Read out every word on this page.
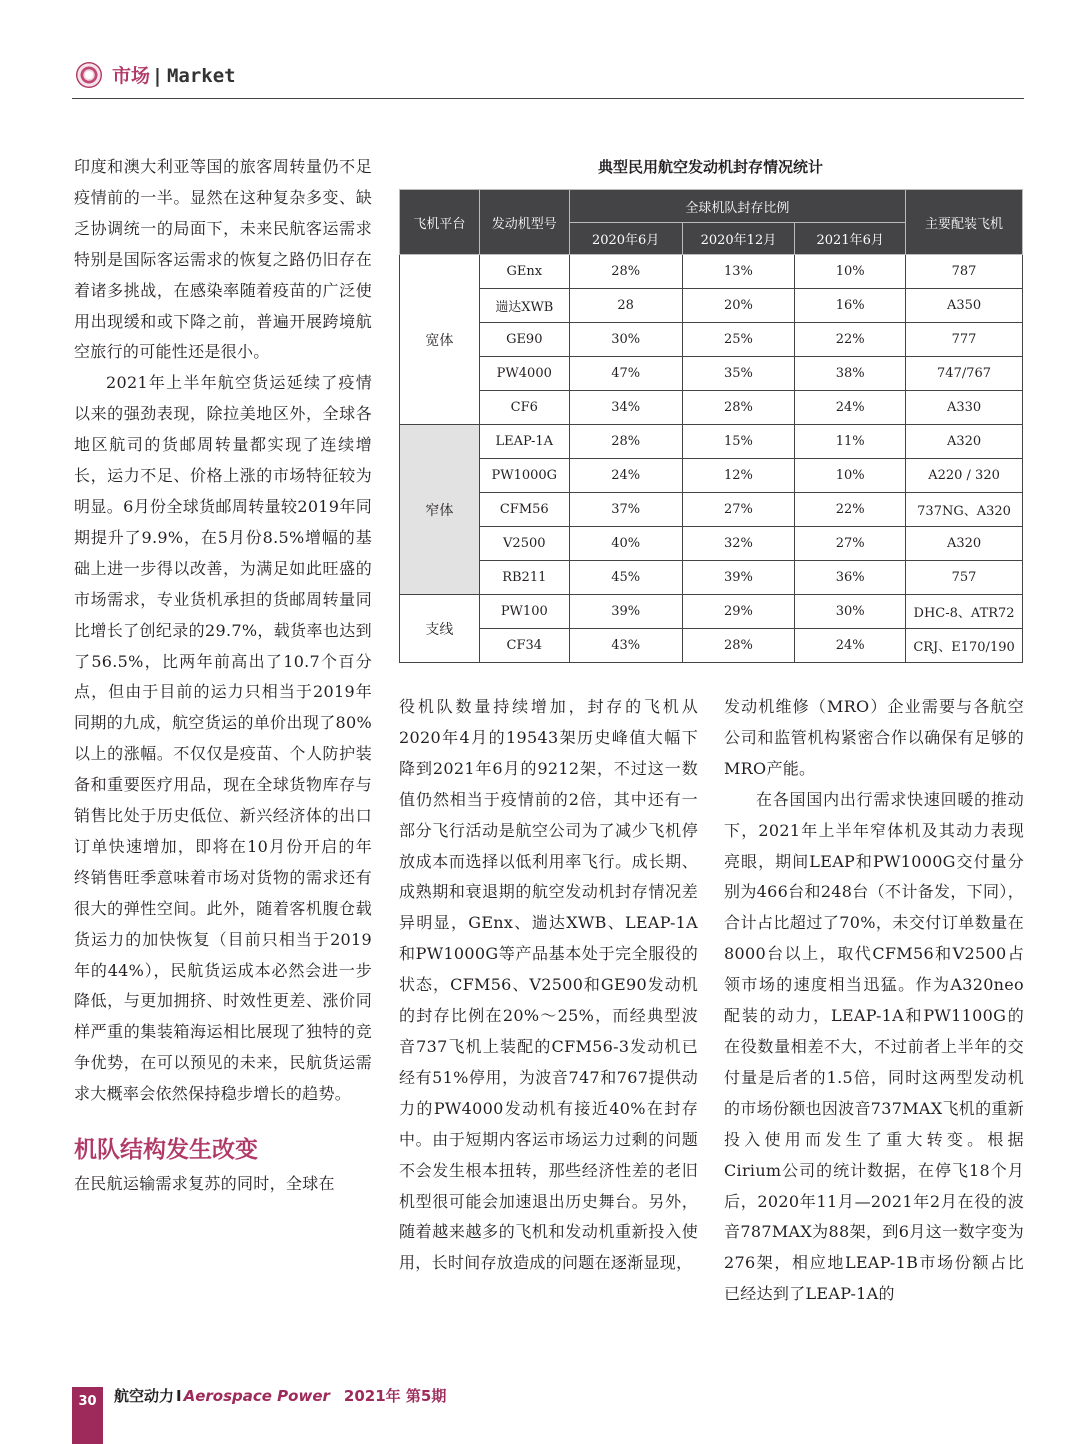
市场 | Market

印度和澳大利亚等国的旅客周转量仍不足疫情前的一半。显然在这种复杂多变、缺乏协调统一的局面下，未来民航客运需求特别是国际客运需求的恢复之路仍旧存在着诸多挑战，在感染率随着疫苗的广泛使用出现缓和或下降之前，普遍开展跨境航空旅行的可能性还是很小。

2021年上半年航空货运延续了疫情以来的强劲表现，除拉美地区外，全球各地区航司的货邮周转量都实现了连续增长，运力不足、价格上涨的市场特征较为明显。6月份全球货邮周转量较2019年同期提升了9.9%，在5月份8.5%增幅的基础上进一步得以改善，为满足如此旺盛的市场需求，专业货机承担的货邮周转量同比增长了创纪录的29.7%，载货率也达到了56.5%，比两年前高出了10.7个百分点，但由于目前的运力只相当于2019年同期的九成，航空货运的单价出现了80%以上的涨幅。不仅仅是疫苗、个人防护装备和重要医疗用品，现在全球货物库存与销售比处于历史低位、新兴经济体的出口订单快速增加，即将在10月份开启的年终销售旺季意味着市场对货物的需求还有很大的弹性空间。此外，随着客机腹仓载货运力的加快恢复（目前只相当于2019年的44%），民航货运成本必然会进一步降低，与更加拥挤、时效性更差、涨价同样严重的集装箱海运相比展现了独特的竞争优势，在可以预见的未来，民航货运需求大概率会依然保持稳步增长的趋势。

机队结构发生改变

在民航运输需求复苏的同时，全球在

典型民用航空发动机封存情况统计
飞机平台	发动机型号	全球机队封存比例			主要配装飞机
		2020年6月	2020年12月	2021年6月	
宽体	GEnx	28%	13%	10%	787
	遄达XWB	28	20%	16%	A350
	GE90	30%	25%	22%	777
	PW4000	47%	35%	38%	747/767
	CF6	34%	28%	24%	A330
窄体	LEAP-1A	28%	15%	11%	A320
	PW1000G	24%	12%	10%	A220 / 320
	CFM56	37%	27%	22%	737NG、A320
	V2500	40%	32%	27%	A320
	RB211	45%	39%	36%	757
支线	PW100	39%	29%	30%	DHC-8、ATR72
	CF34	43%	28%	24%	CRJ、E170/190

役机队数量持续增加，封存的飞机从2020年4月的19543架历史峰值大幅下降到2021年6月的9212架，不过这一数值仍然相当于疫情前的2倍，其中还有一部分飞行活动是航空公司为了减少飞机停放成本而选择以低利用率飞行。成长期、成熟期和衰退期的航空发动机封存情况差异明显，GEnx、遄达XWB、LEAP-1A和PW1000G等产品基本处于完全服役的状态，CFM56、V2500和GE90发动机的封存比例在20%～25%，而经典型波音737飞机上装配的CFM56-3发动机已经有51%停用，为波音747和767提供动力的PW4000发动机有接近40%在封存中。由于短期内客运市场运力过剩的问题不会发生根本扭转，那些经济性差的老旧机型很可能会加速退出历史舞台。另外，随着越来越多的飞机和发动机重新投入使用，长时间存放造成的问题在逐渐显现，

发动机维修（MRO）企业需要与各航空公司和监管机构紧密合作以确保有足够的MRO产能。

在各国国内出行需求快速回暖的推动下，2021年上半年窄体机及其动力表现亮眼，期间LEAP和PW1000G交付量分别为466台和248台（不计备发，下同），合计占比超过了70%，未交付订单数量在8000台以上，取代CFM56和V2500占领市场的速度相当迅猛。作为A320neo配装的动力，LEAP-1A和PW1100G的在役数量相差不大，不过前者上半年的交付量是后者的1.5倍，同时这两型发动机的市场份额也因波音737MAX飞机的重新投入使用而发生了重大转变。根据Cirium公司的统计数据，在停飞18个月后，2020年11月—2021年2月在役的波音787MAX为88架，到6月这一数字变为276架，相应地LEAP-1B市场份额占比已经达到了LEAP-1A的

30	航空动力 I Aerospace Power 2021年 第5期
